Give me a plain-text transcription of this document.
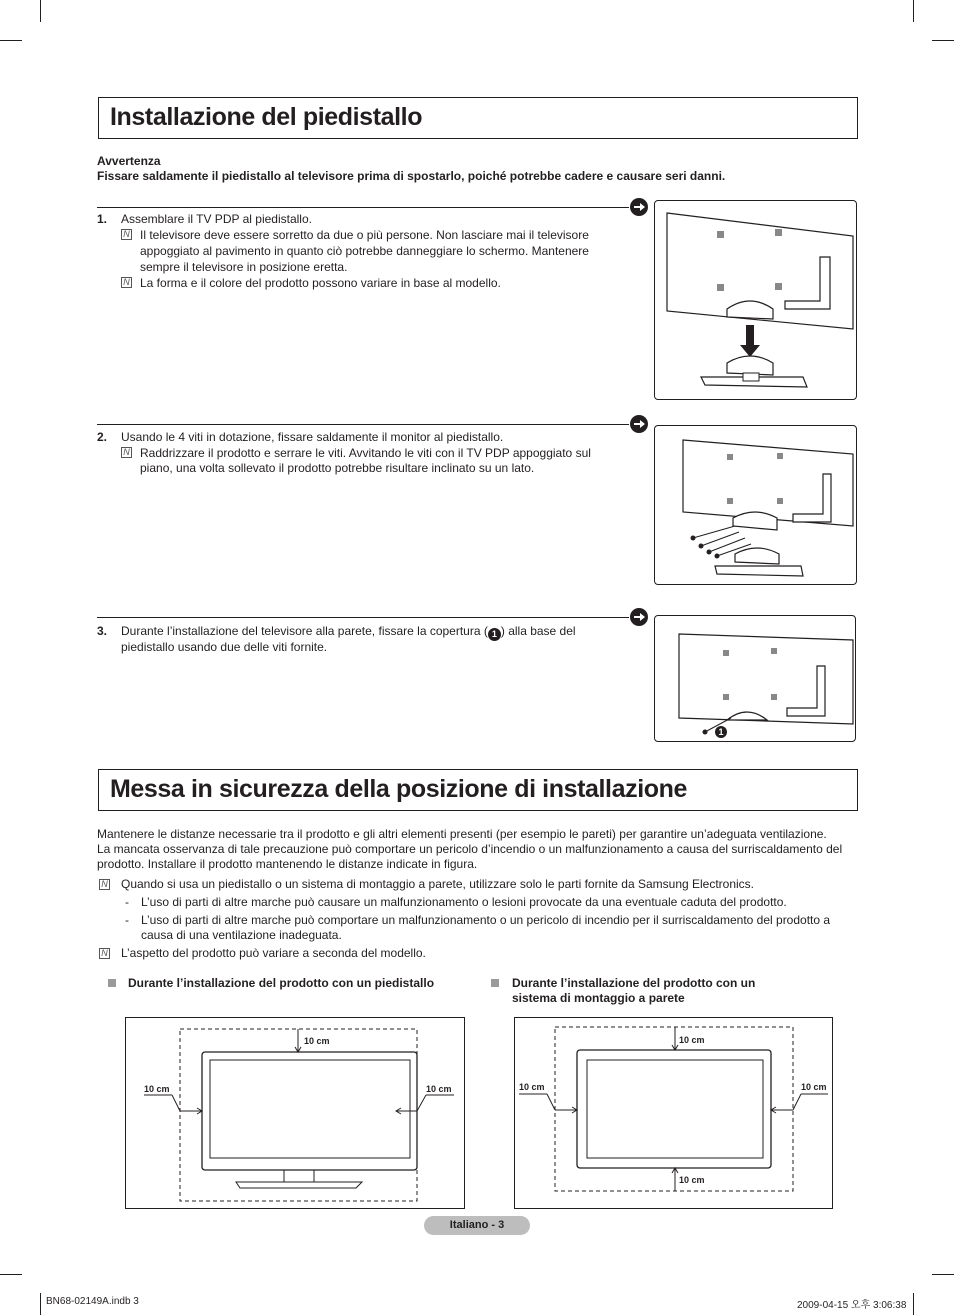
Installazione del piedistallo
Avvertenza
Fissare saldamente il piedistallo al televisore prima di spostarlo, poiché potrebbe cadere e causare seri danni.
1. Assemblare il TV PDP al piedistallo.
N Il televisore deve essere sorretto da due o più persone. Non lasciare mai il televisore
appoggiato al pavimento in quanto ciò potrebbe danneggiare lo schermo. Mantenere
sempre il televisore in posizione eretta.
N La forma e il colore del prodotto possono variare in base al modello.
2. Usando le 4 viti in dotazione, fissare saldamente il monitor al piedistallo.
N Raddrizzare il prodotto e serrare le viti. Avvitando le viti con il TV PDP appoggiato sul
piano, una volta sollevato il prodotto potrebbe risultare inclinato su un lato.
3. Durante l’installazione del televisore alla parete, fissare la copertura ( 1 ) alla base del
piedistallo usando due delle viti fornite.
1
Messa in sicurezza della posizione di installazione
Mantenere le distanze necessarie tra il prodotto e gli altri elementi presenti (per esempio le pareti) per garantire un’adeguata ventilazione.
La mancata osservanza di tale precauzione può comportare un pericolo d’incendio o un malfunzionamento a causa del surriscaldamento del
prodotto. Installare il prodotto mantenendo le distanze indicate in figura.
N Quando si usa un piedistallo o un sistema di montaggio a parete, utilizzare solo le parti fornite da Samsung Electronics.
- L’uso di parti di altre marche può causare un malfunzionamento o lesioni provocate da una eventuale caduta del prodotto.
- L’uso di parti di altre marche può comportare un malfunzionamento o un pericolo di incendio per il surriscaldamento del prodotto a
causa di una ventilazione inadeguata.
N L’aspetto del prodotto può variare a seconda del modello.
Durante l’installazione del prodotto con un piedistallo	Durante l’installazione del prodotto con un
sistema di montaggio a parete
10 cm
10 cm	10 cm
10 cm
10 cm
10 cm	10 cm
Italiano - 3
BN68-02149A.indb 3	2009-04-15 오후 3:06:38
